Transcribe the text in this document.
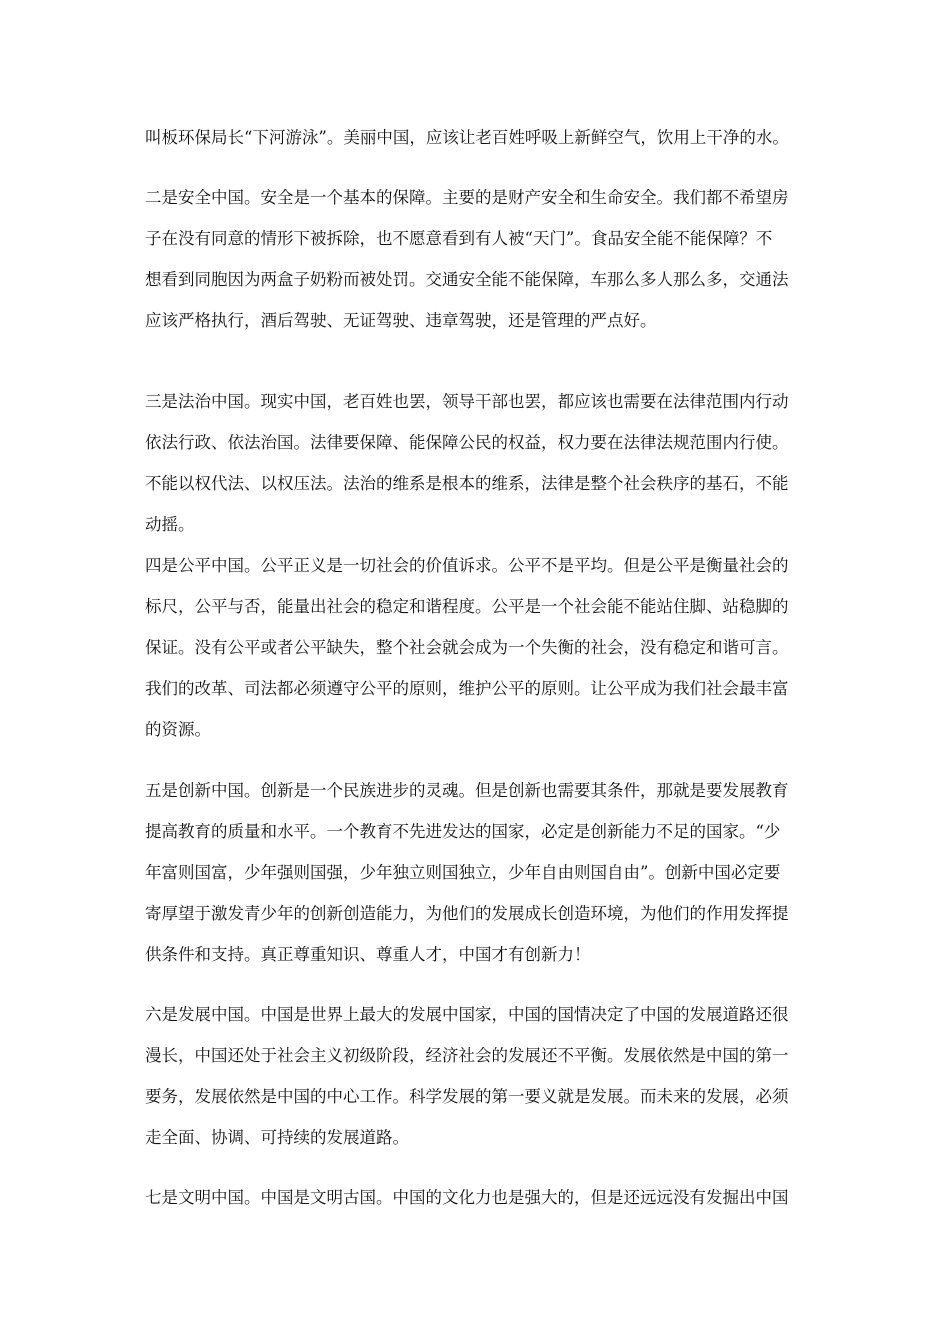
叫板环保局长“下河游泳”。美丽中国，应该让老百姓呼吸上新鲜空气，饮用上干净的水。
二是安全中国。安全是一个基本的保障。主要的是财产安全和生命安全。我们都不希望房
子在没有同意的情形下被拆除，也不愿意看到有人被“天门”。食品安全能不能保障？不
想看到同胞因为两盒子奶粉而被处罚。交通安全能不能保障，车那么多人那么多，交通法
应该严格执行，酒后驾驶、无证驾驶、违章驾驶，还是管理的严点好。
三是法治中国。现实中国，老百姓也罢，领导干部也罢，都应该也需要在法律范围内行动
依法行政、依法治国。法律要保障、能保障公民的权益，权力要在法律法规范围内行使。
不能以权代法、以权压法。法治的维系是根本的维系，法律是整个社会秩序的基石，不能
动摇。
四是公平中国。公平正义是一切社会的价值诉求。公平不是平均。但是公平是衡量社会的
标尺，公平与否，能量出社会的稳定和谐程度。公平是一个社会能不能站住脚、站稳脚的
保证。没有公平或者公平缺失，整个社会就会成为一个失衡的社会，没有稳定和谐可言。
我们的改革、司法都必须遵守公平的原则，维护公平的原则。让公平成为我们社会最丰富
的资源。
五是创新中国。创新是一个民族进步的灵魂。但是创新也需要其条件，那就是要发展教育
提高教育的质量和水平。一个教育不先进发达的国家，必定是创新能力不足的国家。“少
年富则国富，少年强则国强，少年独立则国独立，少年自由则国自由”。创新中国必定要
寄厚望于激发青少年的创新创造能力，为他们的发展成长创造环境，为他们的作用发挥提
供条件和支持。真正尊重知识、尊重人才，中国才有创新力！
六是发展中国。中国是世界上最大的发展中国家，中国的国情决定了中国的发展道路还很
漫长，中国还处于社会主义初级阶段，经济社会的发展还不平衡。发展依然是中国的第一
要务，发展依然是中国的中心工作。科学发展的第一要义就是发展。而未来的发展，必须
走全面、协调、可持续的发展道路。
七是文明中国。中国是文明古国。中国的文化力也是强大的，但是还远远没有发掘出中国
